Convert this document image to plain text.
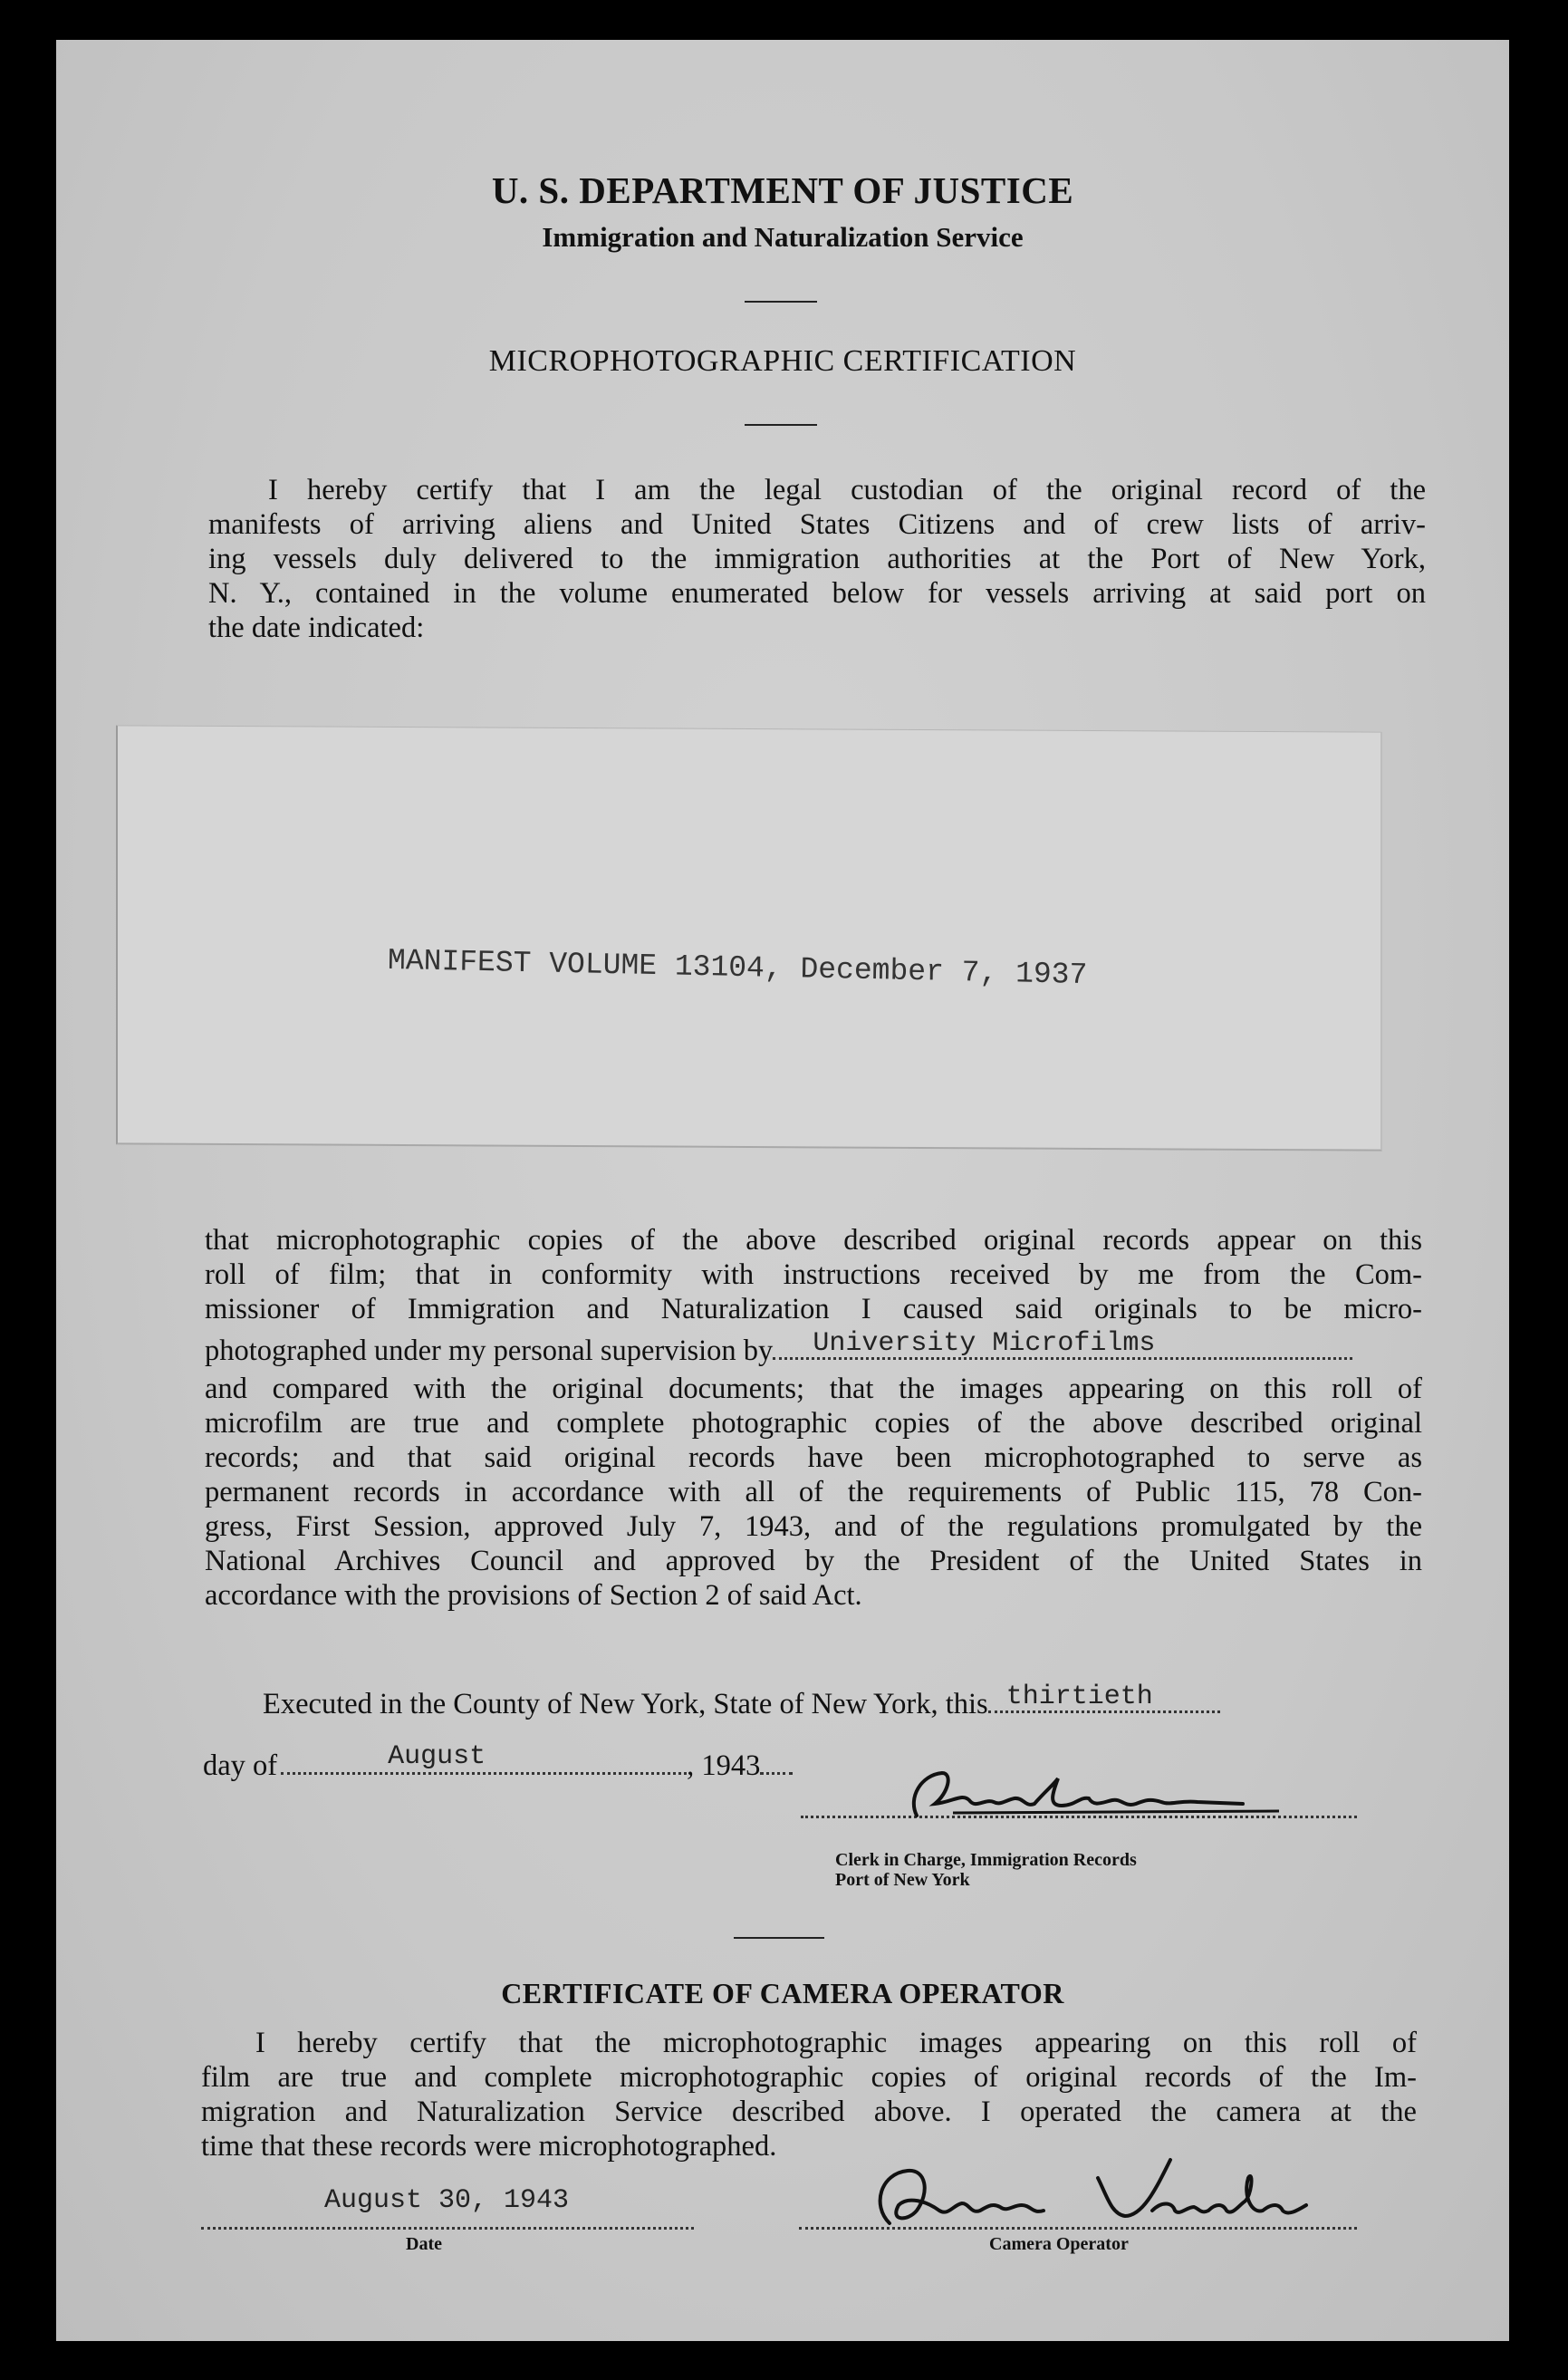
U. S. DEPARTMENT OF JUSTICE
Immigration and Naturalization Service
MICROPHOTOGRAPHIC CERTIFICATION
I hereby certify that I am the legal custodian of the original record of the
manifests of arriving aliens and United States Citizens and of crew lists of arriv-
ing vessels duly delivered to the immigration authorities at the Port of New York,
N. Y., contained in the volume enumerated below for vessels arriving at said port on
the date indicated:
MANIFEST VOLUME 13104, December 7, 1937
that microphotographic copies of the above described original records appear on this
roll of film; that in conformity with instructions received by me from the Com-
missioner of Immigration and Naturalization I caused said originals to be micro-
photographed under my personal supervision by University Microfilms
and compared with the original documents; that the images appearing on this roll of
microfilm are true and complete photographic copies of the above described original
records; and that said original records have been microphotographed to serve as
permanent records in accordance with all of the requirements of Public 115, 78 Con-
gress, First Session, approved July 7, 1943, and of the regulations promulgated by the
National Archives Council and approved by the President of the United States in
accordance with the provisions of Section 2 of said Act.
Executed in the County of New York, State of New York, this thirtieth
day of	August	, 1943
Clerk in Charge, Immigration Records
Port of New York
CERTIFICATE OF CAMERA OPERATOR
I hereby certify that the microphotographic images appearing on this roll of
film are true and complete microphotographic copies of original records of the Im-
migration and Naturalization Service described above. I operated the camera at the
time that these records were microphotographed.
August 30, 1943
Date	Camera Operator
